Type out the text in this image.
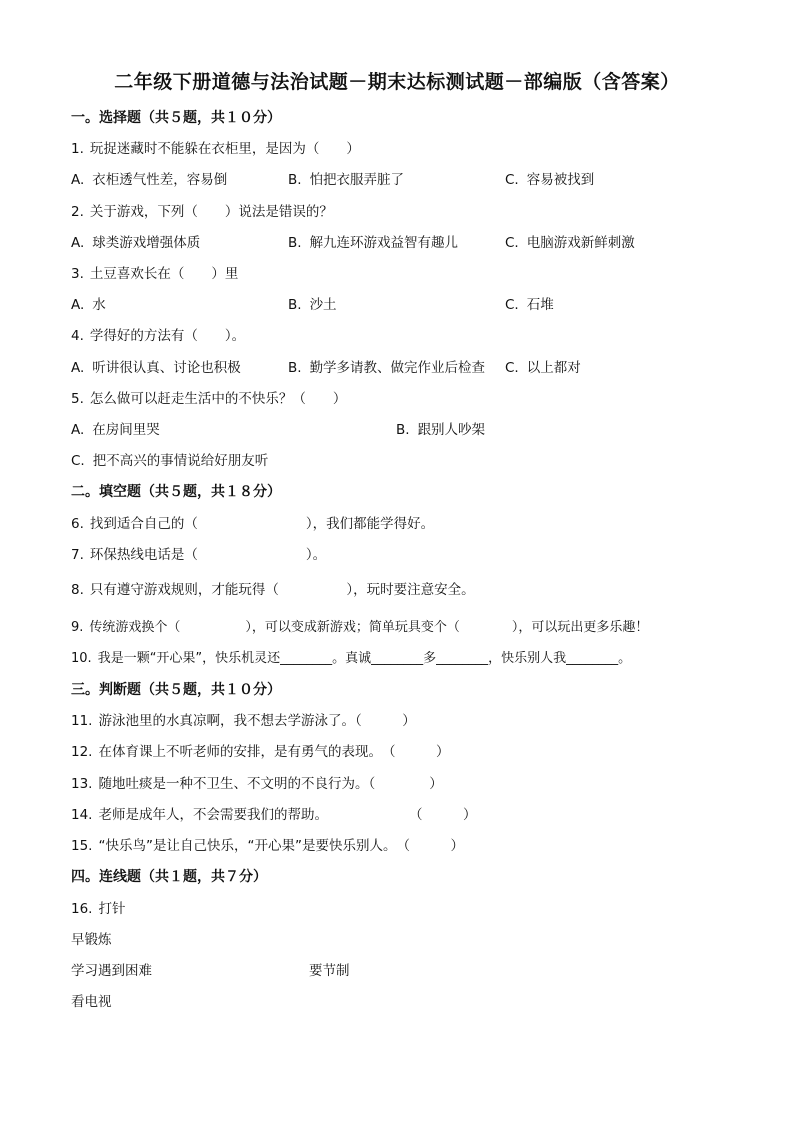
二年级下册道德与法治试题－期末达标测试题－部编版（含答案）
一。选择题（共５题，共１０分）
1. 玩捉迷藏时不能躲在衣柜里，是因为（　　）
A. 衣柜透气性差，容易倒	B. 怕把衣服弄脏了	C. 容易被找到
2. 关于游戏，下列（　　）说法是错误的？
A. 球类游戏增强体质	B. 解九连环游戏益智有趣儿	C. 电脑游戏新鲜刺激
3. 土豆喜欢长在（　　）里
A. 水	B. 沙土	C. 石堆
4. 学得好的方法有（　　）。
A. 听讲很认真、讨论也积极	B. 勤学多请教、做完作业后检查 C. 以上都对
5. 怎么做可以赶走生活中的不快乐？（　　）
A. 在房间里哭	B. 跟别人吵架
C. 把不高兴的事情说给好朋友听
二。填空题（共５题，共１８分）
6. 找到适合自己的（　　　　　　　　），我们都能学得好。
7. 环保热线电话是（　　　　　　　　）。
8. 只有遵守游戏规则，才能玩得（　　　　　），玩时要注意安全。
9. 传统游戏换个（　　　　　），可以变成新游戏；简单玩具变个（　　　　），可以玩出更多乐趣！
10. 我是一颗“开心果”，快乐机灵还________。真诚________多________，快乐别人我________。
三。判断题（共５题，共１０分）
11. 游泳池里的水真凉啊，我不想去学游泳了。（　　　）
12. 在体育课上不听老师的安排，是有勇气的表现。　（　　　）
13. 随地吐痰是一种不卫生、不文明的不良行为。（　　　　）
14. 老师是成年人，不会需要我们的帮助。　　　　　　　（　　　）
15. “快乐鸟”是让自己快乐，“开心果”是要快乐别人。　（　　　）
四。连线题（共１题，共７分）
16. 打针
早锻炼
学习遇到困难	要节制
看电视
